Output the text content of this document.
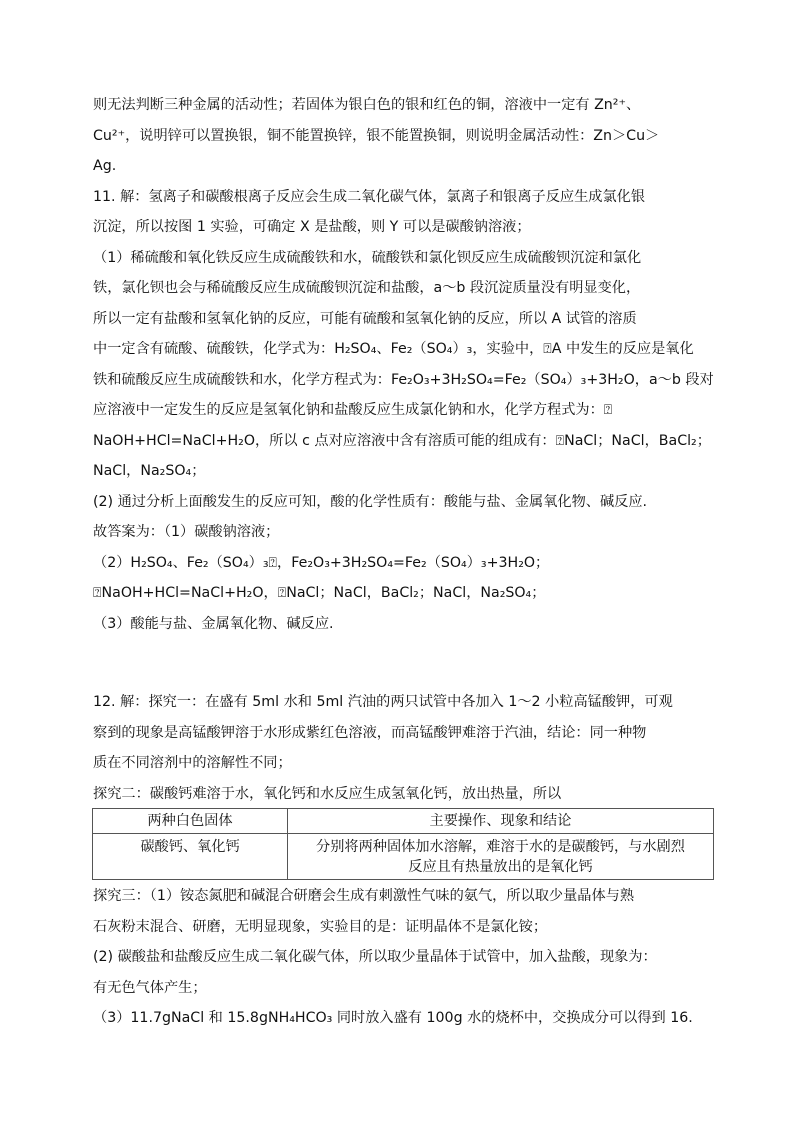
则无法判断三种金属的活动性；若固体为银白色的银和红色的铜，溶液中一定有 Zn²⁺、
Cu²⁺，说明锌可以置换银，铜不能置换锌，银不能置换铜，则说明金属活动性：Zn＞Cu＞
Ag.
11. 解：氢离子和碳酸根离子反应会生成二氧化碳气体，氯离子和银离子反应生成氯化银
沉淀，所以按图 1 实验，可确定 X 是盐酸，则 Y 可以是碳酸钠溶液；
（1）稀硫酸和氧化铁反应生成硫酸铁和水，硫酸铁和氯化钡反应生成硫酸钡沉淀和氯化
铁，氯化钡也会与稀硫酸反应生成硫酸钡沉淀和盐酸，a～b 段沉淀质量没有明显变化，
所以一定有盐酸和氢氧化钠的反应，可能有硫酸和氢氧化钠的反应，所以 A 试管的溶质
中一定含有硫酸、硫酸铁，化学式为：H₂SO₄、Fe₂（SO₄）₃，实验中，⍰A 中发生的反应是氧化
铁和硫酸反应生成硫酸铁和水，化学方程式为：Fe₂O₃+3H₂SO₄=Fe₂（SO₄）₃+3H₂O，a～b 段对
应溶液中一定发生的反应是氢氧化钠和盐酸反应生成氯化钠和水，化学方程式为：⍰
NaOH+HCl=NaCl+H₂O，所以 c 点对应溶液中含有溶质可能的组成有：⍰NaCl；NaCl，BaCl₂；
NaCl，Na₂SO₄；
(2) 通过分析上面酸发生的反应可知，酸的化学性质有：酸能与盐、金属氧化物、碱反应.
故答案为：（1）碳酸钠溶液；
（2）H₂SO₄、Fe₂（SO₄）₃⍰，Fe₂O₃+3H₂SO₄=Fe₂（SO₄）₃+3H₂O；
⍰NaOH+HCl=NaCl+H₂O，⍰NaCl；NaCl，BaCl₂；NaCl，Na₂SO₄；
（3）酸能与盐、金属氧化物、碱反应.
12. 解：探究一：在盛有 5ml 水和 5ml 汽油的两只试管中各加入 1～2 小粒高锰酸钾，可观
察到的现象是高锰酸钾溶于水形成紫红色溶液，而高锰酸钾难溶于汽油，结论：同一种物
质在不同溶剂中的溶解性不同；
探究二：碳酸钙难溶于水，氧化钙和水反应生成氢氧化钙，放出热量，所以
两种白色固体	主要操作、现象和结论
碳酸钙、氧化钙	分别将两种固体加水溶解，难溶于水的是碳酸钙，与水剧烈
反应且有热量放出的是氧化钙
探究三：（1）铵态氮肥和碱混合研磨会生成有刺激性气味的氨气，所以取少量晶体与熟
石灰粉末混合、研磨，无明显现象，实验目的是：证明晶体不是氯化铵；
(2) 碳酸盐和盐酸反应生成二氧化碳气体，所以取少量晶体于试管中，加入盐酸，现象为：
有无色气体产生；
（3）11.7gNaCl 和 15.8gNH₄HCO₃ 同时放入盛有 100g 水的烧杯中，交换成分可以得到 16.
